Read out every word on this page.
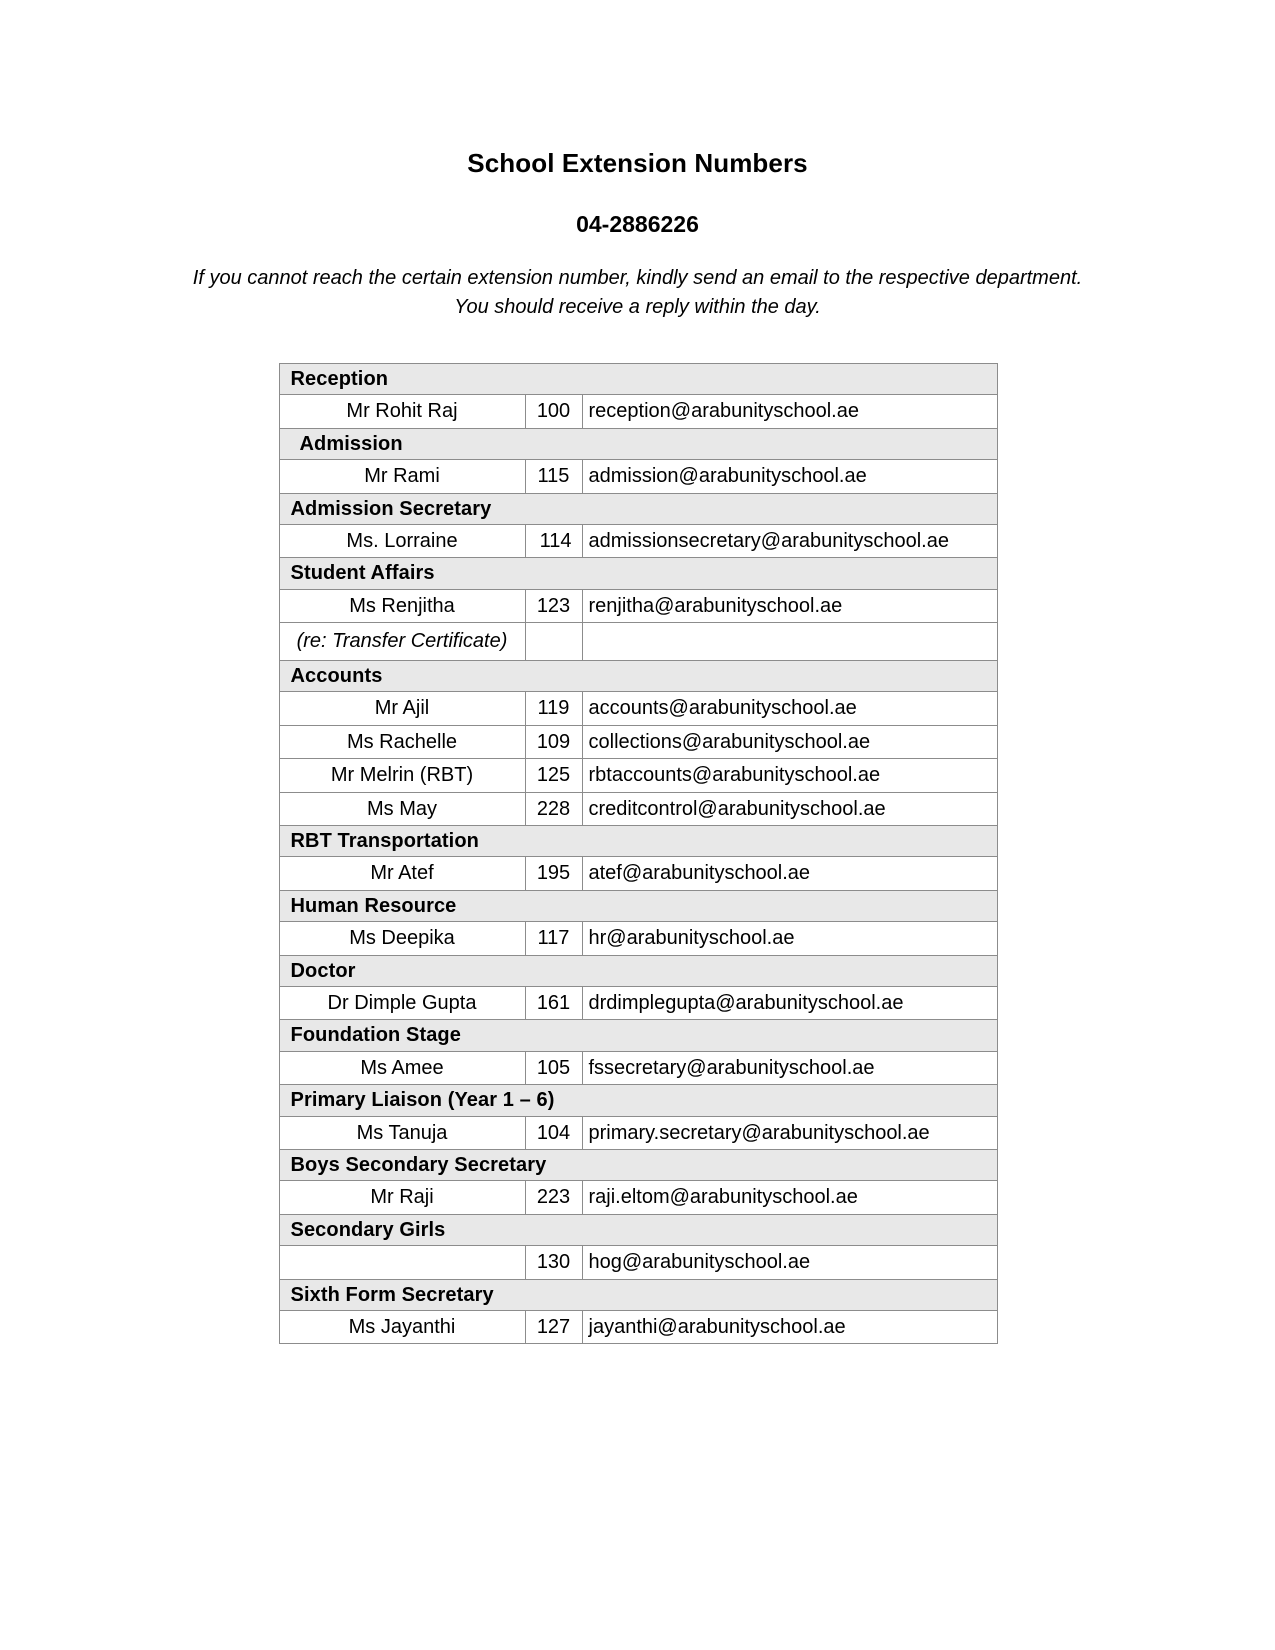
School Extension Numbers

04-2886226

If you cannot reach the certain extension number, kindly send an email to the respective department.
You should receive a reply within the day.

Reception		
Mr Rohit Raj	100	reception@arabunityschool.ae
Admission		
Mr Rami	115	admission@arabunityschool.ae
Admission Secretary		
Ms. Lorraine	114	admissionsecretary@arabunityschool.ae
Student Affairs		
Ms Renjitha	123	renjitha@arabunityschool.ae
(re: Transfer Certificate)		
Accounts		
Mr Ajil	119	accounts@arabunityschool.ae
Ms Rachelle	109	collections@arabunityschool.ae
Mr Melrin (RBT)	125	rbtaccounts@arabunityschool.ae
Ms May	228	creditcontrol@arabunityschool.ae
RBT Transportation		
Mr Atef	195	atef@arabunityschool.ae
Human Resource		
Ms Deepika	117	hr@arabunityschool.ae
Doctor		
Dr Dimple Gupta	161	drdimplegupta@arabunityschool.ae
Foundation Stage		
Ms Amee	105	fssecretary@arabunityschool.ae
Primary Liaison (Year 1 – 6)		
Ms Tanuja	104	primary.secretary@arabunityschool.ae
Boys Secondary Secretary		
Mr Raji	223	raji.eltom@arabunityschool.ae
Secondary Girls		
	130	hog@arabunityschool.ae
Sixth Form Secretary		
Ms Jayanthi	127	jayanthi@arabunityschool.ae
